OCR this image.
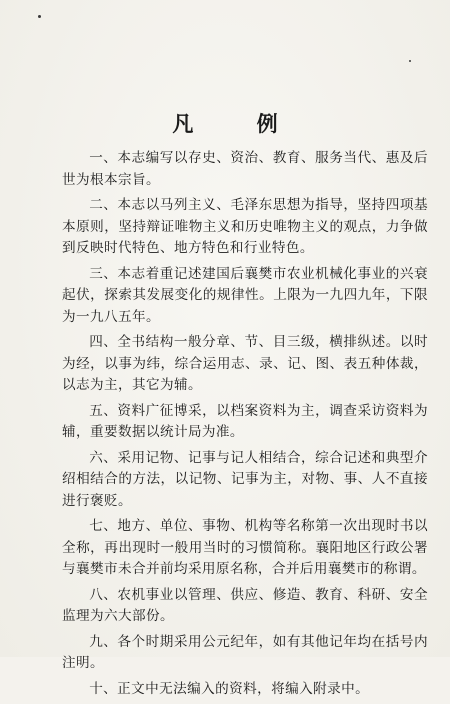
凡 例

一、本志编写以存史、资治、教育、服务当代、惠及后世为根本宗旨。

二、本志以马列主义、毛泽东思想为指导，坚持四项基本原则，坚持辩证唯物主义和历史唯物主义的观点，力争做到反映时代特色、地方特色和行业特色。

三、本志着重记述建国后襄樊市农业机械化事业的兴衰起伏，探索其发展变化的规律性。上限为一九四九年，下限为一九八五年。

四、全书结构一般分章、节、目三级，横排纵述。以时为经，以事为纬，综合运用志、录、记、图、表五种体裁，以志为主，其它为辅。

五、资料广征博采，以档案资料为主，调查采访资料为辅，重要数据以统计局为准。

六、采用记物、记事与记人相结合，综合记述和典型介绍相结合的方法，以记物、记事为主，对物、事、人不直接进行褒贬。

七、地方、单位、事物、机构等名称第一次出现时书以全称，再出现时一般用当时的习惯简称。襄阳地区行政公署与襄樊市未合并前均采用原名称，合并后用襄樊市的称谓。

八、农机事业以管理、供应、修造、教育、科研、安全监理为六大部份。

九、各个时期采用公元纪年，如有其他记年均在括号内注明。

十、正文中无法编入的资料，将编入附录中。
